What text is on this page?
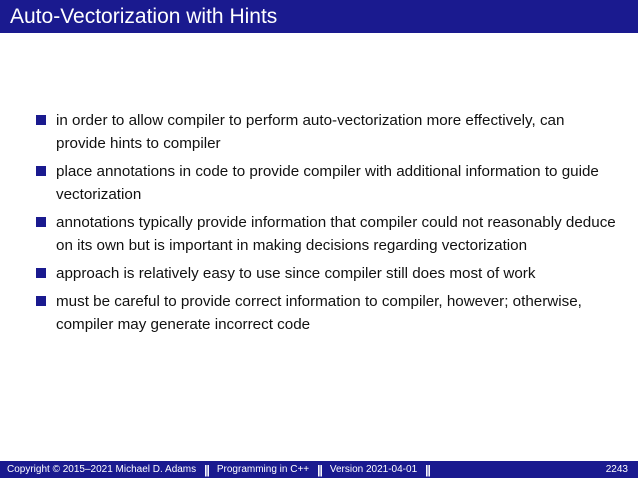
Auto-Vectorization with Hints
in order to allow compiler to perform auto-vectorization more effectively, can provide hints to compiler
place annotations in code to provide compiler with additional information to guide vectorization
annotations typically provide information that compiler could not reasonably deduce on its own but is important in making decisions regarding vectorization
approach is relatively easy to use since compiler still does most of work
must be careful to provide correct information to compiler, however; otherwise, compiler may generate incorrect code
Copyright © 2015–2021 Michael D. Adams || Programming in C++ || Version 2021-04-01 ||	2243
